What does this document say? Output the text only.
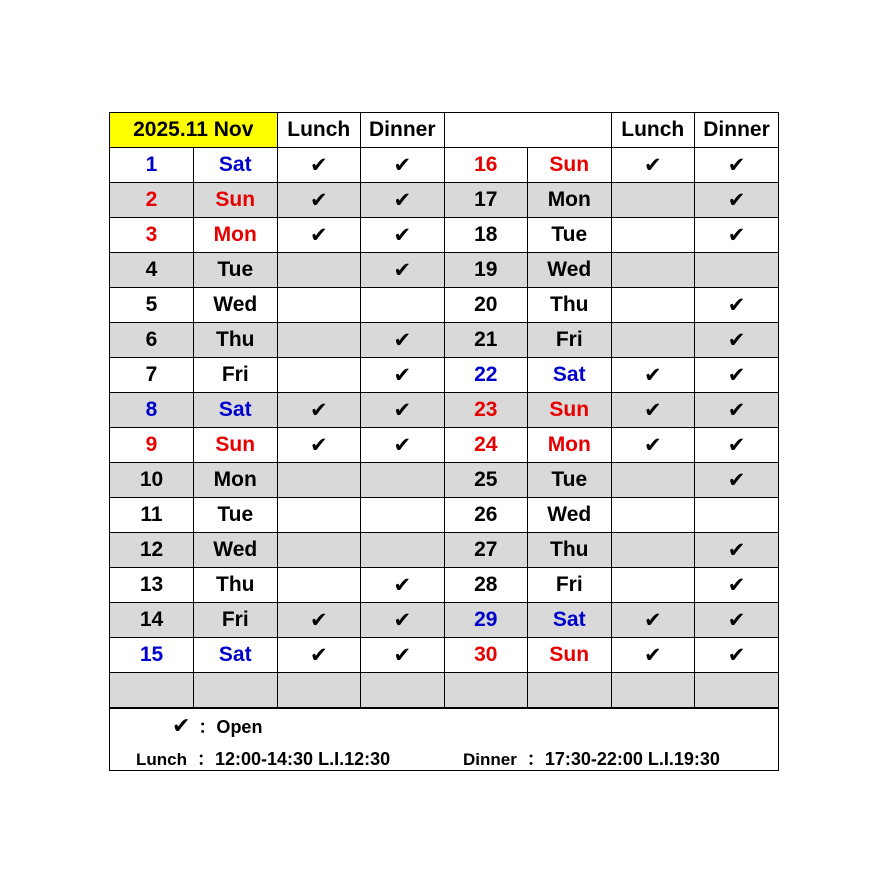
2025.11 Nov		Lunch	Dinner			Lunch	Dinner
1	Sat	✔	✔	16	Sun	✔	✔
2	Sun	✔	✔	17	Mon		✔
3	Mon	✔	✔	18	Tue		✔
4	Tue		✔	19	Wed		
5	Wed			20	Thu		✔
6	Thu		✔	21	Fri		✔
7	Fri		✔	22	Sat	✔	✔
8	Sat	✔	✔	23	Sun	✔	✔
9	Sun	✔	✔	24	Mon	✔	✔
10	Mon			25	Tue		✔
11	Tue			26	Wed		
12	Wed			27	Thu		✔
13	Thu		✔	28	Fri		✔
14	Fri	✔	✔	29	Sat	✔	✔
15	Sat	✔	✔	30	Sun	✔	✔

✔ ：Open
Lunch ：12:00-14:30 L.I.12:30	Dinner ：17:30-22:00 L.I.19:30
